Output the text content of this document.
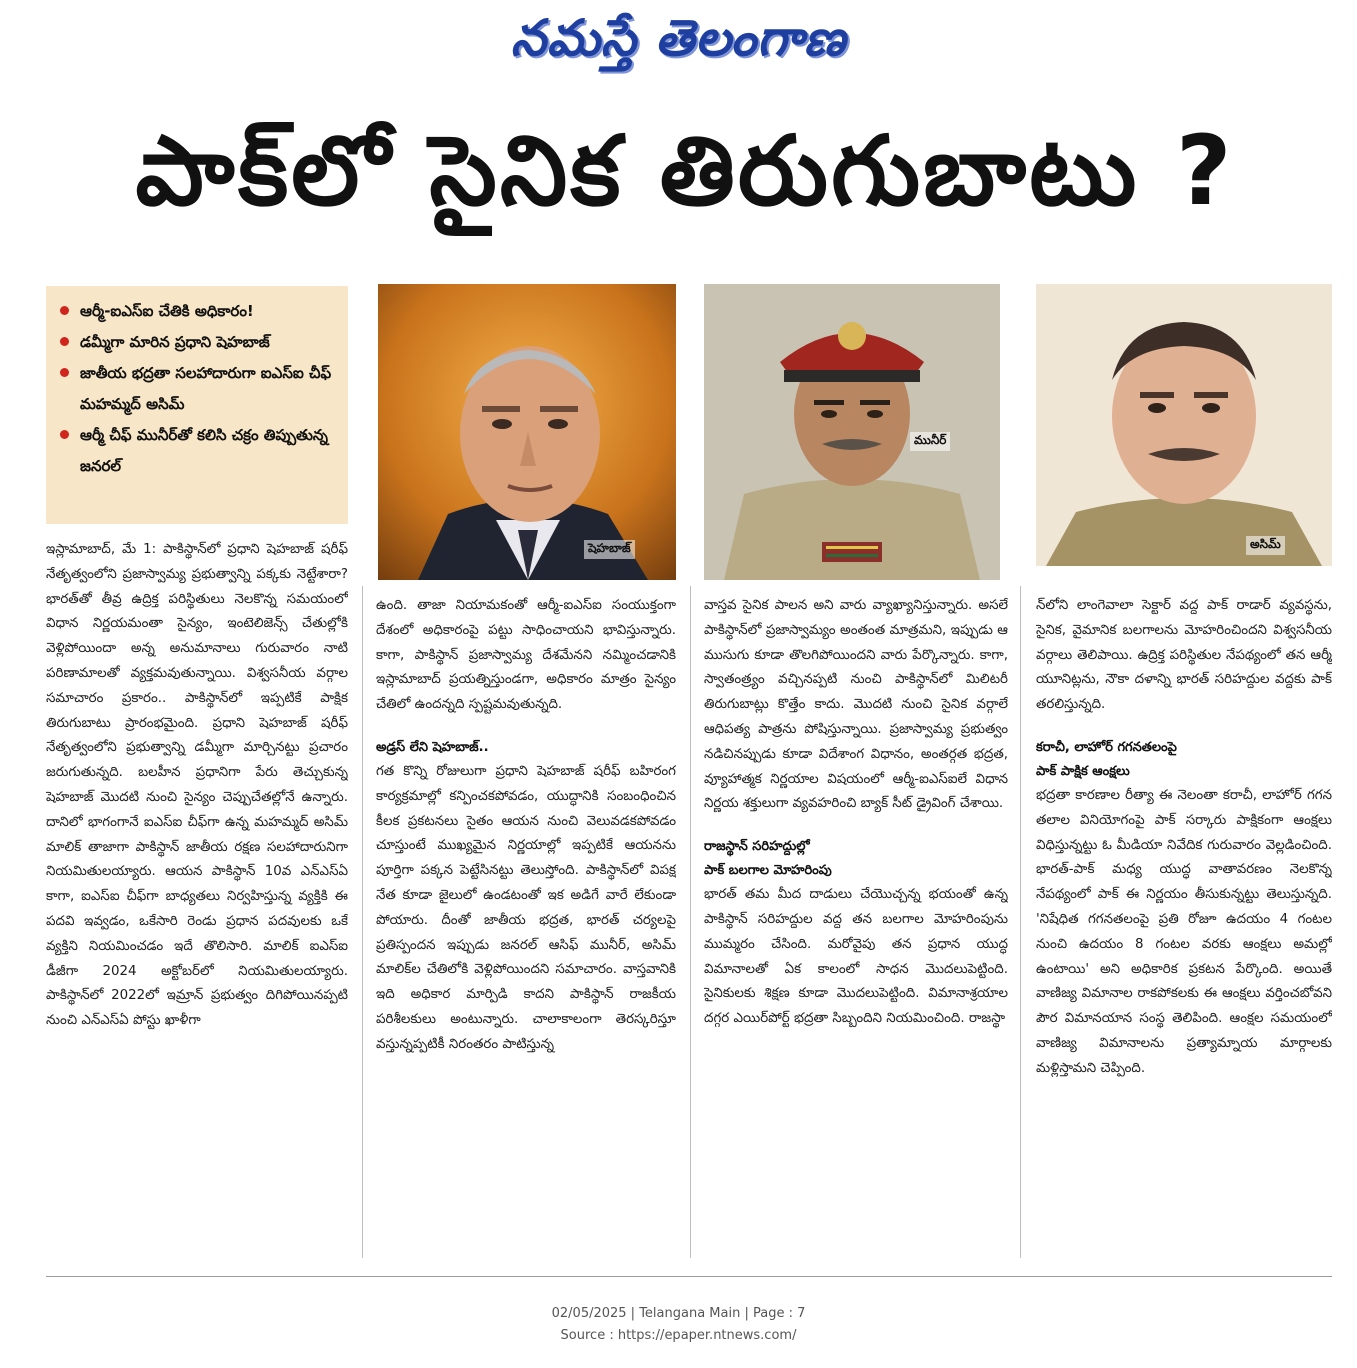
నమస్తే తెలంగాణ
పాక్‌లో సైనిక తిరుగుబాటు ?
ఆర్మీ-ఐఎస్‌ఐ చేతికి అధికారం!
డమ్మీగా మారిన ప్రధాని షెహబాజ్
జాతీయ భద్రతా సలహాదారుగా ఐఎస్‌ఐ చీఫ్ మహమ్మద్ అసిమ్
ఆర్మీ చీఫ్ మునీర్‌తో కలిసి చక్రం తిప్పుతున్న జనరల్
షెహబాజ్
మునీర్
అసిమ్

ఇస్లామాబాద్, మే 1: పాకిస్థాన్‌లో ప్రధాని షెహబాజ్ షరీఫ్ నేతృత్వంలోని ప్రజాస్వామ్య ప్రభుత్వాన్ని పక్కకు నెట్టేశారా? భారత్‌తో తీవ్ర ఉద్రిక్త పరిస్థితులు నెలకొన్న సమయంలో విధాన నిర్ణయమంతా సైన్యం, ఇంటెలిజెన్స్ చేతుల్లోకి వెళ్లిపోయిందా అన్న అనుమానాలు గురువారం నాటి పరిణామాలతో వ్యక్తమవుతున్నాయి. విశ్వసనీయ వర్గాల సమాచారం ప్రకారం.. పాకిస్థాన్‌లో ఇప్పటికే పాక్షిక తిరుగుబాటు ప్రారంభమైంది. ప్రధాని షెహబాజ్ షరీఫ్ నేతృత్వంలోని ప్రభుత్వాన్ని డమ్మీగా మార్చినట్టు ప్రచారం జరుగుతున్నది. బలహీన ప్రధానిగా పేరు తెచ్చుకున్న షెహబాజ్ మొదటి నుంచి సైన్యం చెప్పుచేతల్లోనే ఉన్నారు. దానిలో భాగంగానే ఐఎస్‌ఐ చీఫ్‌గా ఉన్న మహమ్మద్ అసిమ్ మాలిక్ తాజాగా పాకిస్థాన్ జాతీయ రక్షణ సలహాదారునిగా నియమితులయ్యారు. ఆయన పాకిస్థాన్ 10వ ఎన్ఎస్ఏ కాగా, ఐఎస్ఐ చీఫ్‌గా బాధ్యతలు నిర్వహిస్తున్న వ్యక్తికి ఈ పదవి ఇవ్వడం, ఒకేసారి రెండు ప్రధాన పదవులకు ఒకే వ్యక్తిని నియమించడం ఇదే తొలిసారి. మాలిక్ ఐఎస్ఐ డీజీగా 2024 అక్టోబర్‌లో నియమితులయ్యారు. పాకిస్థాన్‌లో 2022లో ఇమ్రాన్ ప్రభుత్వం దిగిపోయినప్పటి నుంచి ఎన్ఎస్ఏ పోస్టు ఖాళీగా

ఉంది. తాజా నియామకంతో ఆర్మీ-ఐఎస్ఐ సంయుక్తంగా దేశంలో అధికారంపై పట్టు సాధించాయని భావిస్తున్నారు. కాగా, పాకిస్థాన్ ప్రజాస్వామ్య దేశమేనని నమ్మించడానికి ఇస్లామాబాద్ ప్రయత్నిస్తుండగా, అధికారం మాత్రం సైన్యం చేతిలో ఉందన్నది స్పష్టమవుతున్నది.

అడ్రస్ లేని షెహబాజ్..

గత కొన్ని రోజులుగా ప్రధాని షెహబాజ్ షరీఫ్ బహిరంగ కార్యక్రమాల్లో కన్పించకపోవడం, యుద్ధానికి సంబంధించిన కీలక ప్రకటనలు సైతం ఆయన నుంచి వెలువడకపోవడం చూస్తుంటే ముఖ్యమైన నిర్ణయాల్లో ఇప్పటికే ఆయనను పూర్తిగా పక్కన పెట్టేసినట్టు తెలుస్తోంది. పాకిస్థాన్‌లో విపక్ష నేత కూడా జైలులో ఉండటంతో ఇక అడిగే వారే లేకుండా పోయారు. దీంతో జాతీయ భద్రత, భారత్ చర్యలపై ప్రతిస్పందన ఇప్పుడు జనరల్ ఆసిఫ్ మునీర్, అసిమ్ మాలిక్‌ల చేతిలోకి వెళ్లిపోయిందని సమాచారం. వాస్తవానికి ఇది అధికార మార్పిడి కాదని పాకిస్థాన్ రాజకీయ పరిశీలకులు అంటున్నారు. చాలాకాలంగా తెరస్కరిస్తూ వస్తున్నప్పటికీ నిరంతరం పాటిస్తున్న

వాస్తవ సైనిక పాలన అని వారు వ్యాఖ్యానిస్తున్నారు. అసలే పాకిస్థాన్‌లో ప్రజాస్వామ్యం అంతంత మాత్రమని, ఇప్పుడు ఆ ముసుగు కూడా తొలగిపోయిందని వారు పేర్కొన్నారు. కాగా, స్వాతంత్ర్యం వచ్చినప్పటి నుంచి పాకిస్థాన్‌లో మిలిటరీ తిరుగుబాట్లు కొత్తేం కాదు. మొదటి నుంచి సైనిక వర్గాలే ఆధిపత్య పాత్రను పోషిస్తున్నాయి. ప్రజాస్వామ్య ప్రభుత్వం నడిచినప్పుడు కూడా విదేశాంగ విధానం, అంతర్గత భద్రత, వ్యూహాత్మక నిర్ణయాల విషయంలో ఆర్మీ-ఐఎస్ఐలే విధాన నిర్ణయ శక్తులుగా వ్యవహరించి బ్యాక్ సీట్ డ్రైవింగ్ చేశాయి.

రాజస్థాన్ సరిహద్దుల్లో

పాక్ బలగాల మోహరింపు

భారత్ తమ మీద దాడులు చేయొచ్చన్న భయంతో ఉన్న పాకిస్థాన్ సరిహద్దుల వద్ద తన బలగాల మోహరింపును ముమ్మరం చేసింది. మరోవైపు తన ప్రధాన యుద్ధ విమానాలతో ఏక కాలంలో సాధన మొదలుపెట్టింది. సైనికులకు శిక్షణ కూడా మొదలుపెట్టింది. విమానాశ్రయాల దగ్గర ఎయిర్‌పోర్ట్ భద్రతా సిబ్బందిని నియమించింది. రాజస్థా

న్‌లోని లాంగెవాలా సెక్టార్ వద్ద పాక్ రాడార్ వ్యవస్థను, సైనిక, వైమానిక బలగాలను మోహరించిందని విశ్వసనీయ వర్గాలు తెలిపాయి. ఉద్రిక్త పరిస్థితుల నేపథ్యంలో తన ఆర్మీ యూనిట్లను, నౌకా దళాన్ని భారత్ సరిహద్దుల వద్దకు పాక్ తరలిస్తున్నది.

కరాచీ, లాహోర్ గగనతలంపై

పాక్ పాక్షిక ఆంక్షలు

భద్రతా కారణాల రీత్యా ఈ నెలంతా కరాచీ, లాహోర్ గగన తలాల వినియోగంపై పాక్ సర్కారు పాక్షికంగా ఆంక్షలు విధిస్తున్నట్టు ఓ మీడియా నివేదిక గురువారం వెల్లడించింది. భారత్-పాక్ మధ్య యుద్ధ వాతావరణం నెలకొన్న నేపథ్యంలో పాక్ ఈ నిర్ణయం తీసుకున్నట్టు తెలుస్తున్నది. 'నిషేధిత గగనతలంపై ప్రతి రోజూ ఉదయం 4 గంటల నుంచి ఉదయం 8 గంటల వరకు ఆంక్షలు అమల్లో ఉంటాయి' అని అధికారిక ప్రకటన పేర్కొంది. అయితే వాణిజ్య విమానాల రాకపోకలకు ఈ ఆంక్షలు వర్తించబోవని పౌర విమానయాన సంస్థ తెలిపింది. ఆంక్షల సమయంలో వాణిజ్య విమానాలను ప్రత్యామ్నాయ మార్గాలకు మళ్లిస్తామని చెప్పింది.

02/05/2025 | Telangana Main | Page : 7
Source : https://epaper.ntnews.com/
